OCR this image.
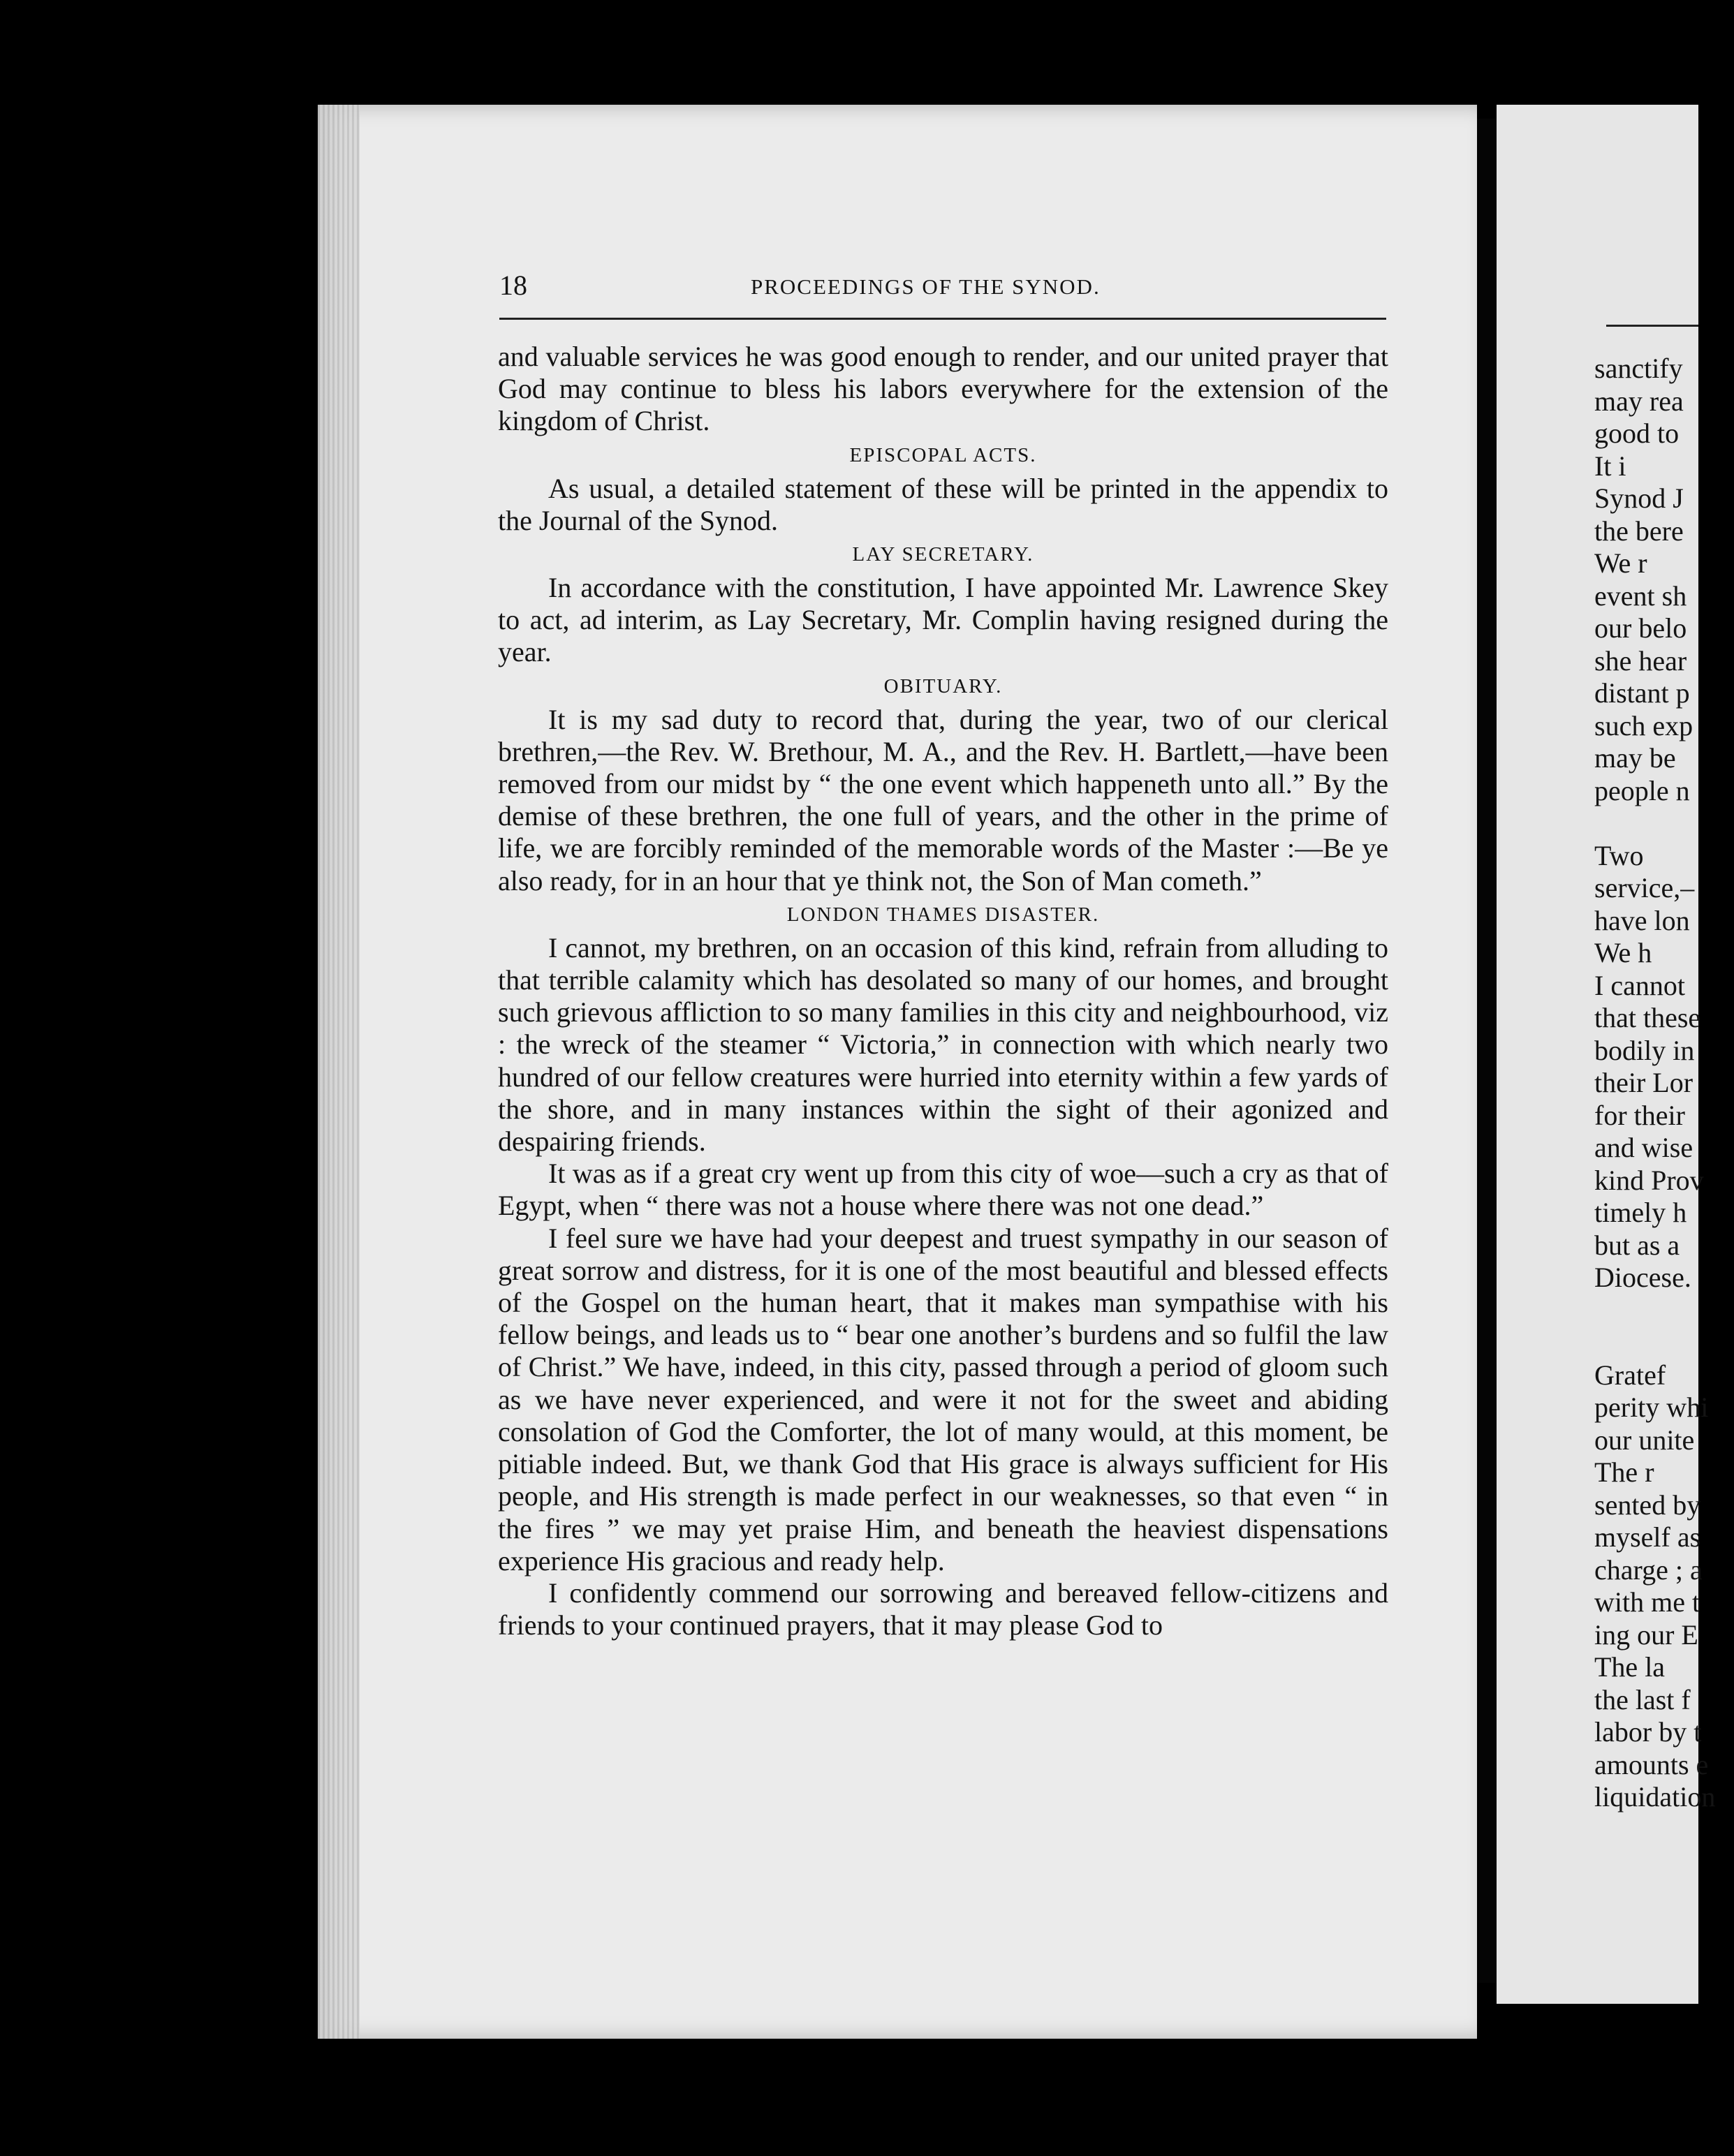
18	PROCEEDINGS OF THE SYNOD.

and valuable services he was good enough to render, and our united prayer that God may continue to bless his labors everywhere for the extension of the kingdom of Christ.

EPISCOPAL ACTS.

As usual, a detailed statement of these will be printed in the appendix to the Journal of the Synod.

LAY SECRETARY.

In accordance with the constitution, I have appointed Mr. Lawrence Skey to act, ad interim, as Lay Secretary, Mr. Complin having resigned during the year.

OBITUARY.

It is my sad duty to record that, during the year, two of our clerical brethren,—the Rev. W. Brethour, M. A., and the Rev. H. Bartlett,—have been removed from our midst by “ the one event which happeneth unto all.” By the demise of these brethren, the one full of years, and the other in the prime of life, we are forcibly reminded of the memorable words of the Master :—Be ye also ready, for in an hour that ye think not, the Son of Man cometh.”

LONDON THAMES DISASTER.

I cannot, my brethren, on an occasion of this kind, refrain from alluding to that terrible calamity which has desolated so many of our homes, and brought such grievous affliction to so many families in this city and neighbourhood, viz : the wreck of the steamer “ Victoria,” in connection with which nearly two hundred of our fellow creatures were hurried into eternity within a few yards of the shore, and in many instances within the sight of their agonized and despairing friends.

It was as if a great cry went up from this city of woe—such a cry as that of Egypt, when “ there was not a house where there was not one dead.”

I feel sure we have had your deepest and truest sympathy in our season of great sorrow and distress, for it is one of the most beautiful and blessed effects of the Gospel on the human heart, that it makes man sympathise with his fellow beings, and leads us to “ bear one another’s burdens and so fulfil the law of Christ.” We have, indeed, in this city, passed through a period of gloom such as we have never experienced, and were it not for the sweet and abiding consolation of God the Comforter, the lot of many would, at this moment, be pitiable indeed. But, we thank God that His grace is always sufficient for His people, and His strength is made perfect in our weaknesses, so that even “ in the fires ” we may yet praise Him, and beneath the heaviest dispensations experience His gracious and ready help.

I confidently commend our sorrowing and bereaved fellow-citizens and friends to your continued prayers, that it may please God to

sanctify
may rea
good to
It i
Synod J
the bere
We r
event sh
our belo
she hear
distant p
such exp
may be
people n
Two
service,–
have lon
We h
I cannot
that these
bodily in
their Lor
for their
and wise
kind Prov
timely h
but as a
Diocese.
Gratef
perity whi
our unite
The r
sented by
myself as
charge ; a
with me t
ing our E
The la
the last f
labor by t
amounts e
liquidation
